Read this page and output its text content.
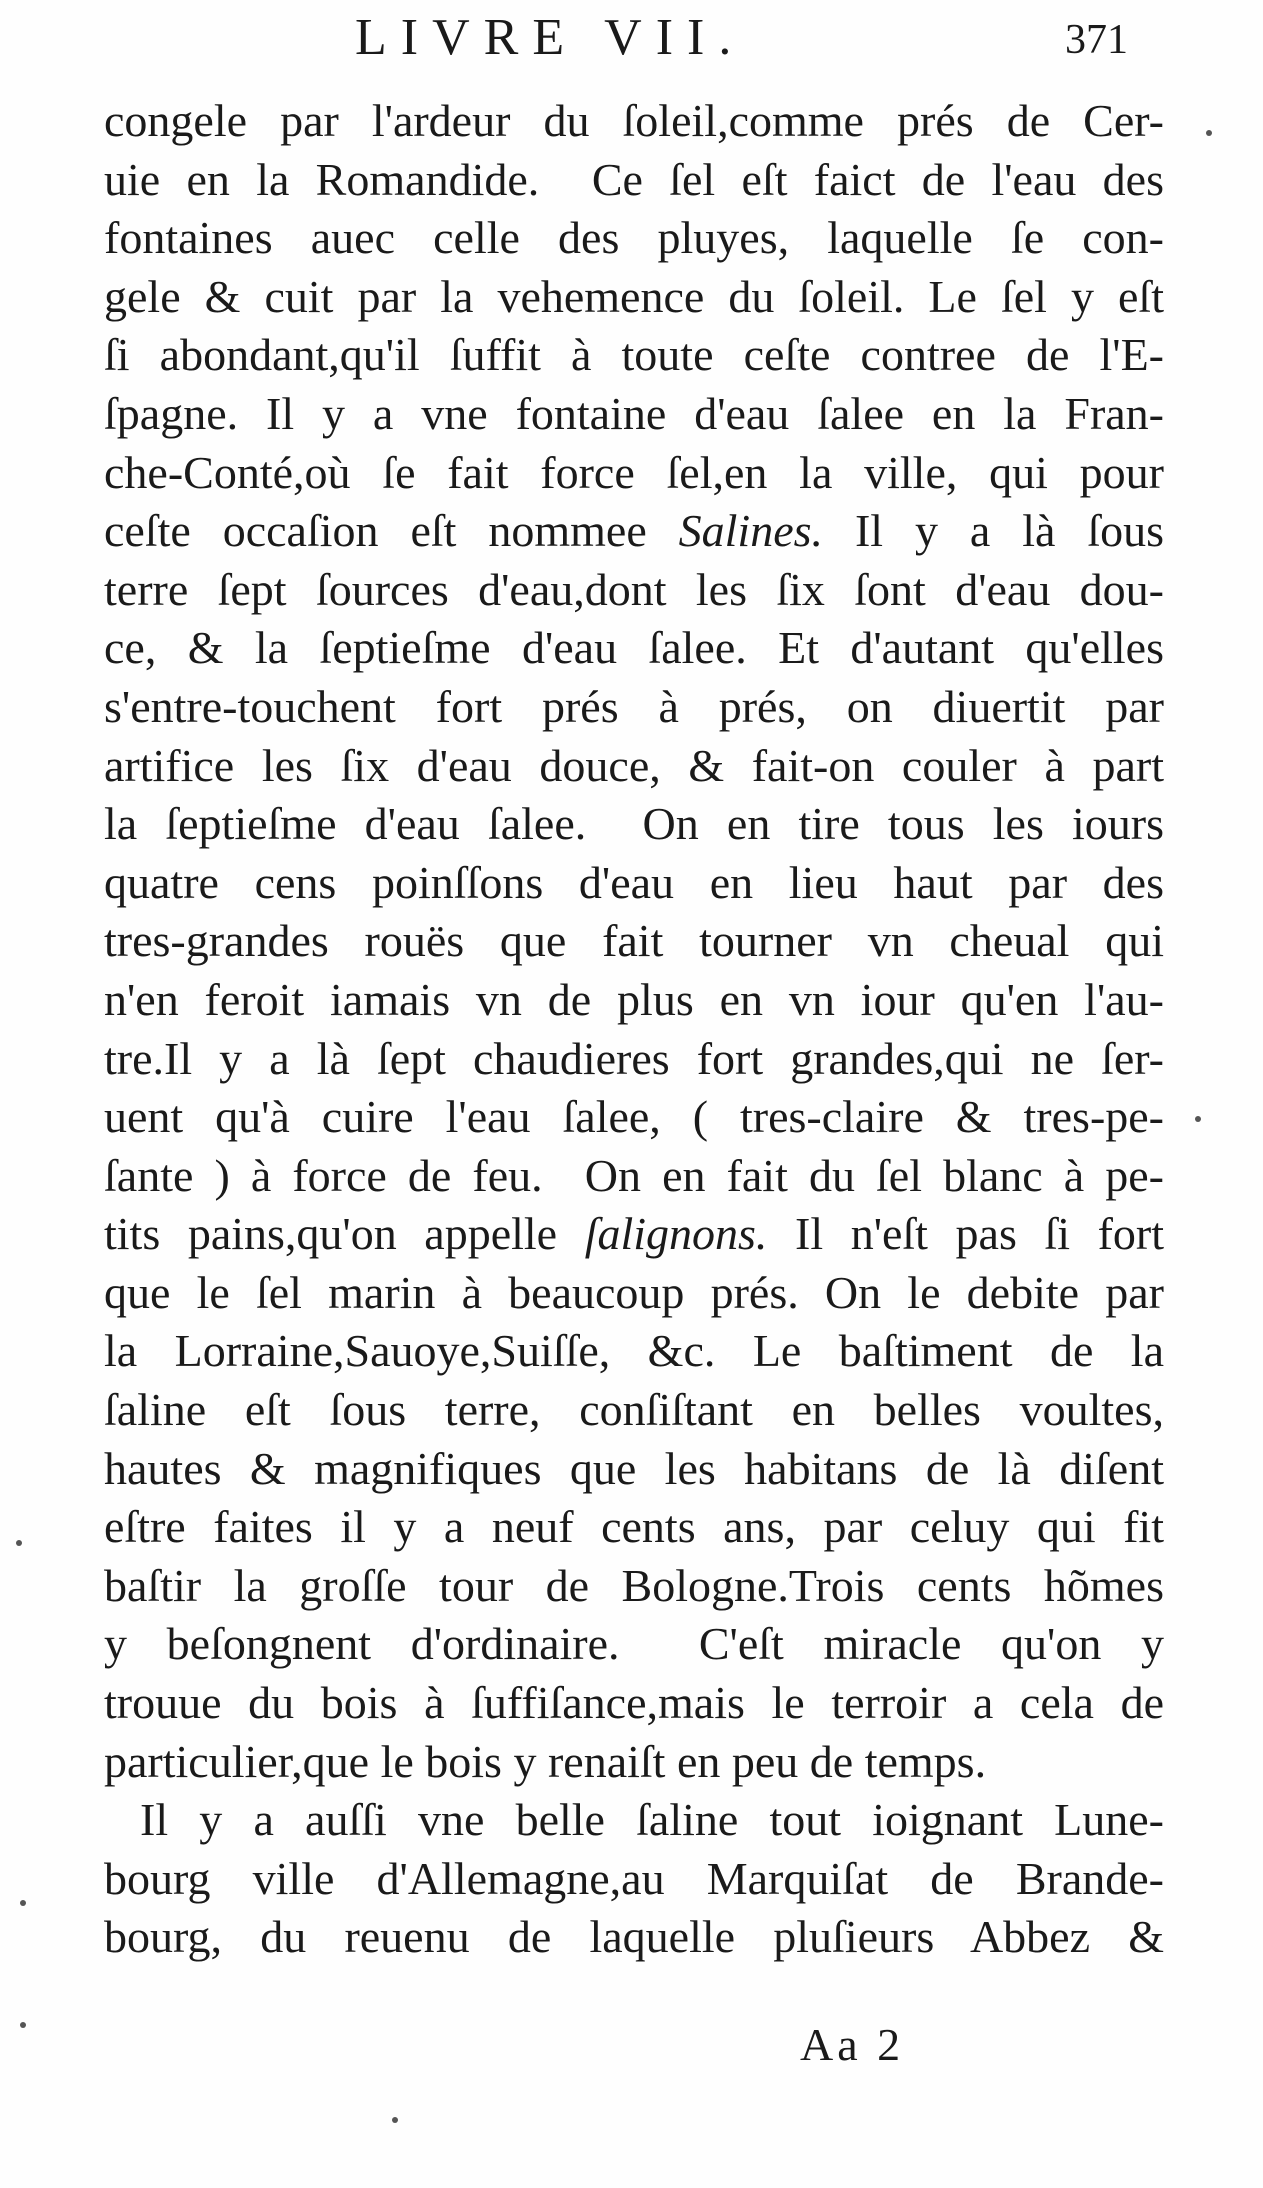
LIVRE VII.	371
congele par l'ardeur du ſoleil,comme prés de Cer-
uie en la Romandide.  Ce ſel eſt faict de l'eau des
fontaines auec celle des pluyes, laquelle ſe con-
gele & cuit par la vehemence du ſoleil. Le ſel y eſt
ſi abondant,qu'il ſuffit à toute ceſte contree de l'E-
ſpagne. Il y a vne fontaine d'eau ſalee en la Fran-
che-Conté,où ſe fait force ſel,en la ville, qui pour
ceſte occaſion eſt nommee Salines. Il y a là ſous
terre ſept ſources d'eau,dont les ſix ſont d'eau dou-
ce, & la ſeptieſme d'eau ſalee. Et d'autant qu'elles
s'entre-touchent fort prés à prés, on diuertit par
artifice les ſix d'eau douce, & fait-on couler à part
la ſeptieſme d'eau ſalee.  On en tire tous les iours
quatre cens poinſſons d'eau en lieu haut par des
tres-grandes rouës que fait tourner vn cheual qui
n'en feroit iamais vn de plus en vn iour qu'en l'au-
tre.Il y a là ſept chaudieres fort grandes,qui ne ſer-
uent qu'à cuire l'eau ſalee, ( tres-claire & tres-pe-
ſante ) à force de feu.  On en fait du ſel blanc à pe-
tits pains,qu'on appelle ſalignons. Il n'eſt pas ſi fort
que le ſel marin à beaucoup prés. On le debite par
la Lorraine,Sauoye,Suiſſe, &c. Le baſtiment de la
ſaline eſt ſous terre, conſiſtant en belles voultes,
hautes & magnifiques que les habitans de là diſent
eſtre faites il y a neuf cents ans, par celuy qui fit
baſtir la groſſe tour de Bologne.Trois cents hõmes
y beſongnent d'ordinaire.  C'eſt miracle qu'on y
trouue du bois à ſuffiſance,mais le terroir a cela de
particulier,que le bois y renaiſt en peu de temps.
Il y a auſſi vne belle ſaline tout ioignant Lune-
bourg ville d'Allemagne,au Marquiſat de Brande-
bourg, du reuenu de laquelle pluſieurs Abbez &
Aa 2
